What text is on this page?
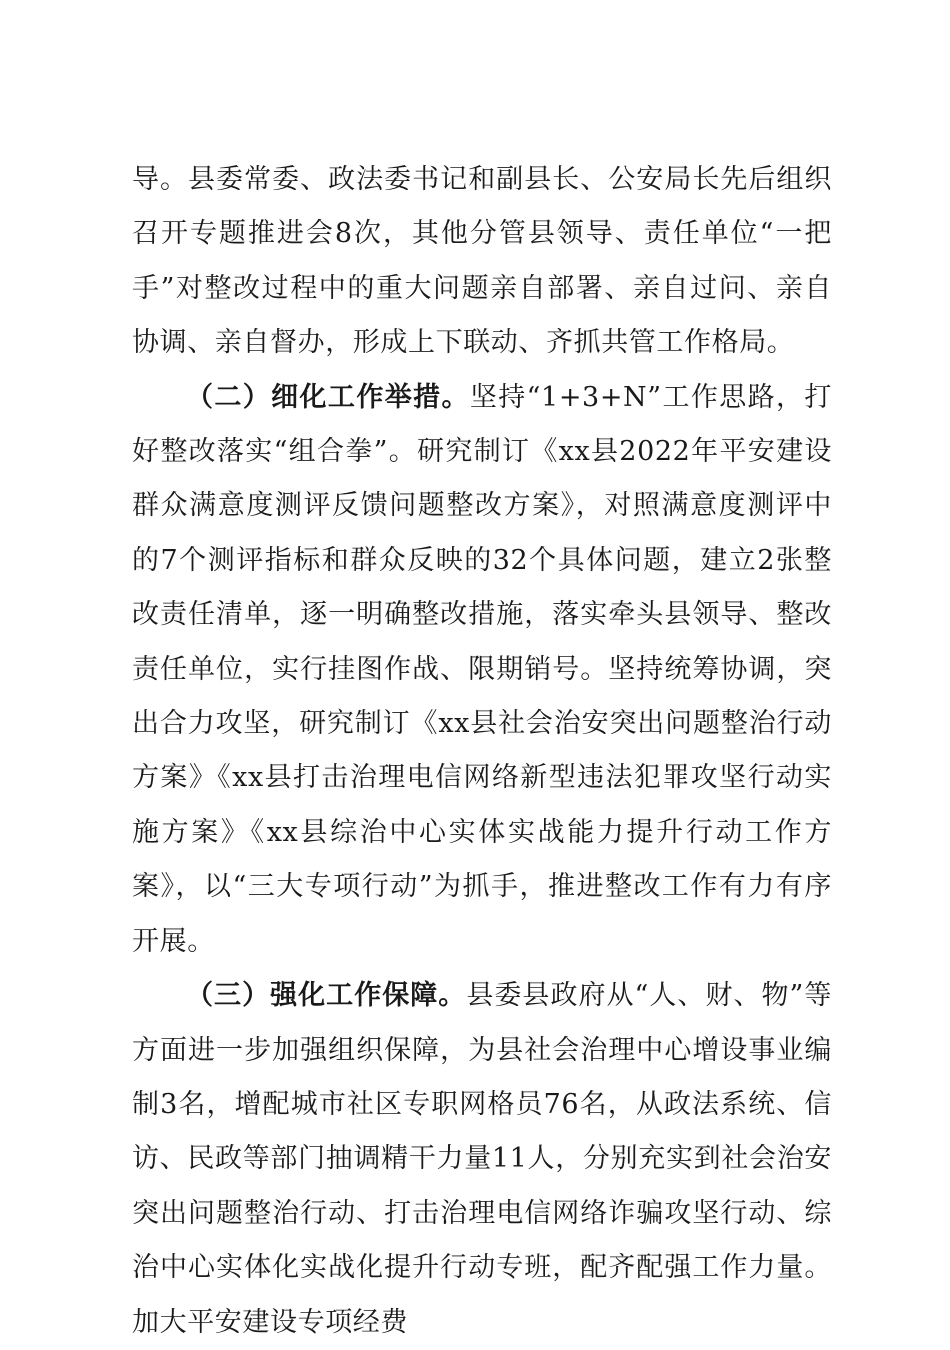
导。县委常委、政法委书记和副县长、公安局长先后组织召开专题推进会8次，其他分管县领导、责任单位“一把手”对整改过程中的重大问题亲自部署、亲自过问、亲自协调、亲自督办，形成上下联动、齐抓共管工作格局。

（二）细化工作举措。坚持“1+3+N”工作思路，打好整改落实“组合拳”。研究制订《xx县2022年平安建设群众满意度测评反馈问题整改方案》，对照满意度测评中的7个测评指标和群众反映的32个具体问题，建立2张整改责任清单，逐一明确整改措施，落实牵头县领导、整改责任单位，实行挂图作战、限期销号。坚持统筹协调，突出合力攻坚，研究制订《xx县社会治安突出问题整治行动方案》《xx县打击治理电信网络新型违法犯罪攻坚行动实施方案》《xx县综治中心实体实战能力提升行动工作方案》，以“三大专项行动”为抓手，推进整改工作有力有序开展。

（三）强化工作保障。县委县政府从“人、财、物”等方面进一步加强组织保障，为县社会治理中心增设事业编制3名，增配城市社区专职网格员76名，从政法系统、信访、民政等部门抽调精干力量11人，分别充实到社会治安突出问题整治行动、打击治理电信网络诈骗攻坚行动、综治中心实体化实战化提升行动专班，配齐配强工作力量。加大平安建设专项经费
